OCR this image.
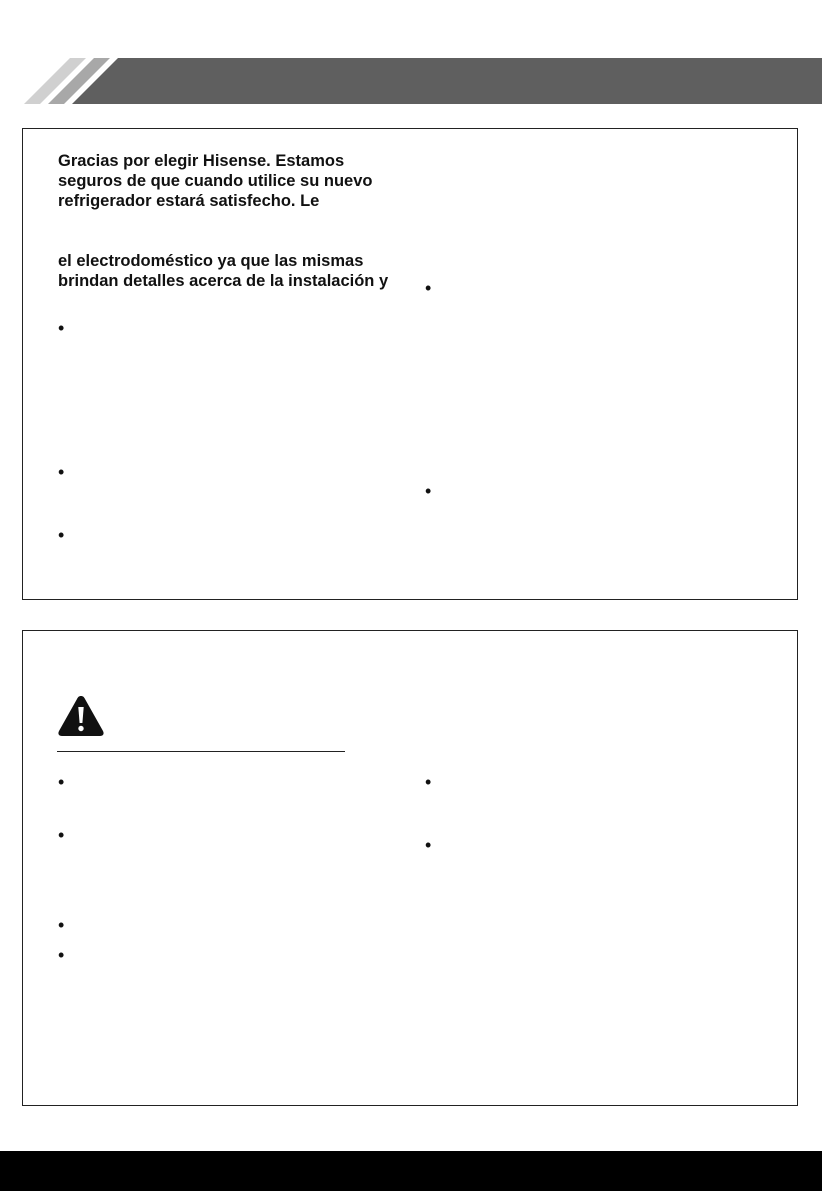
Gracias por elegir Hisense. Estamos

seguros de que cuando utilice su nuevo

refrigerador estará satisfecho. Le

el electrodoméstico ya que las mismas

brindan detalles acerca de la instalación y

•
•
•
•
•
•
•
•
•
•
•
